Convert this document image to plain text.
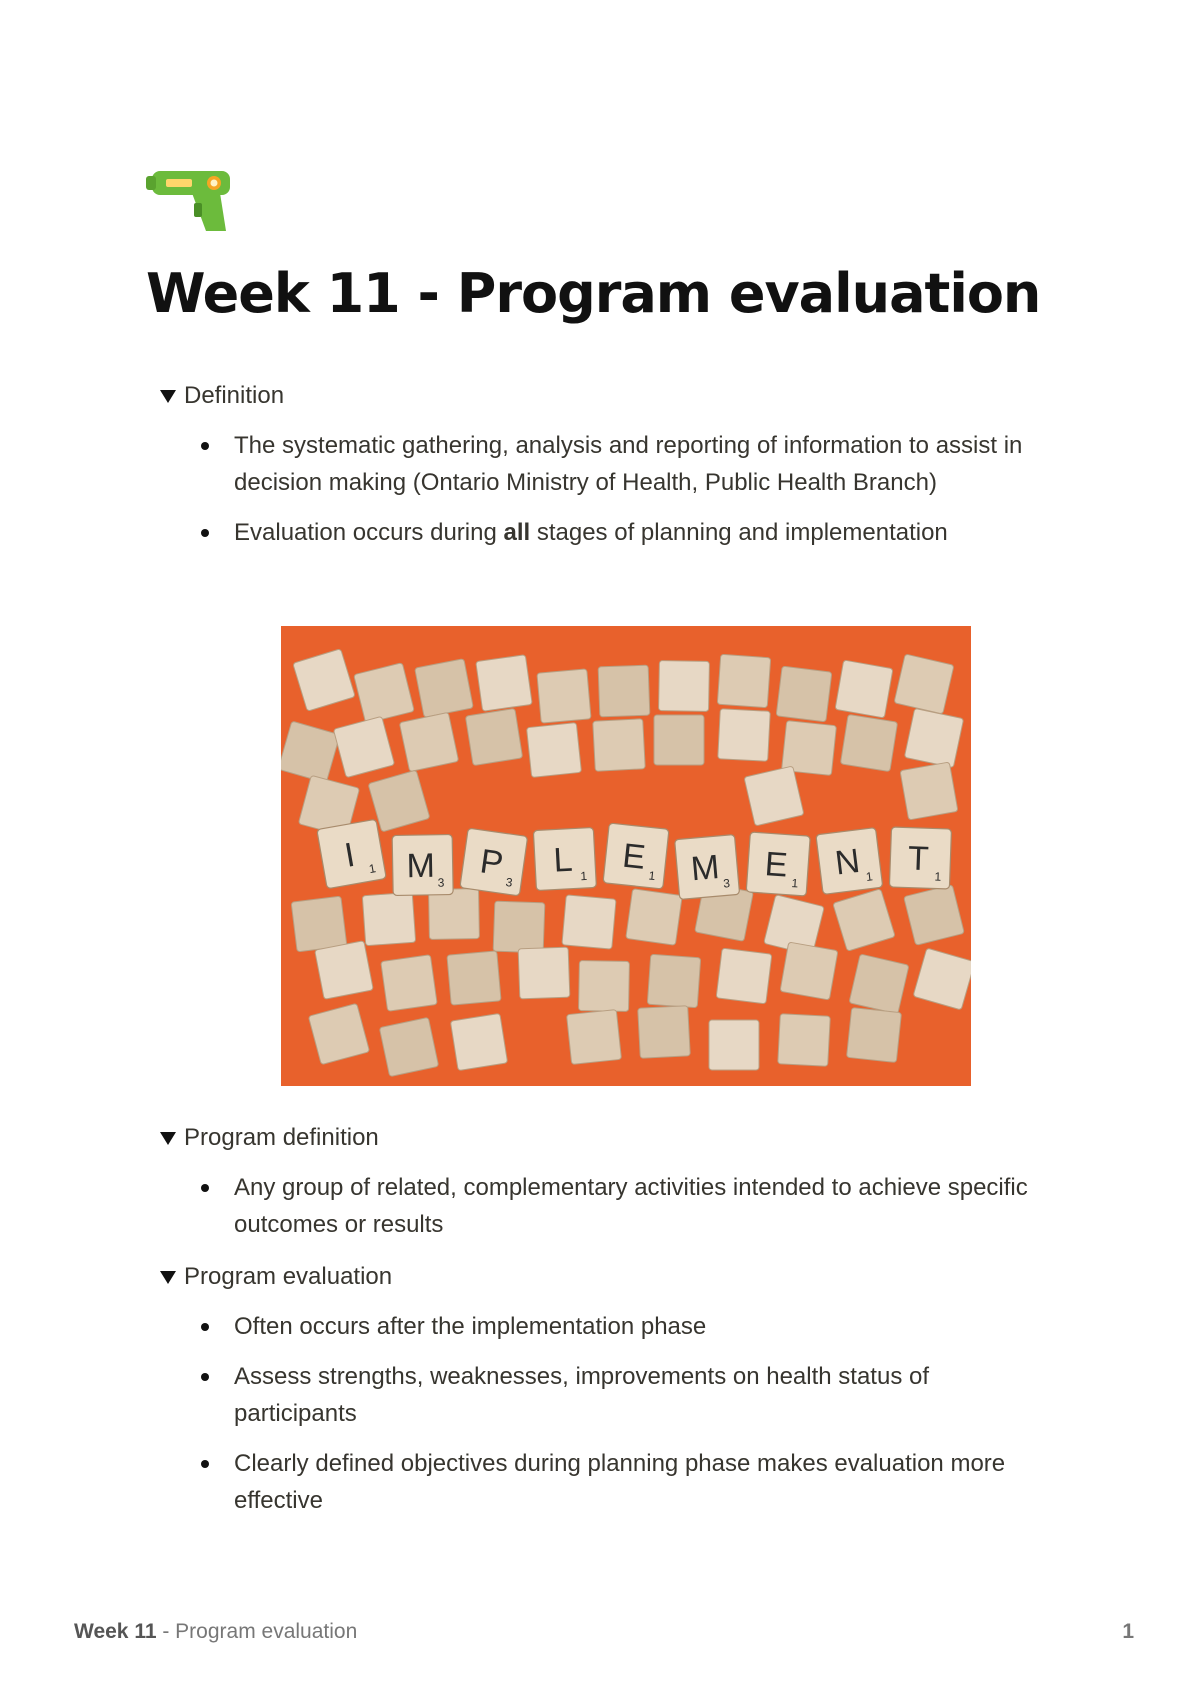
Week 11 - Program evaluation
Definition
The systematic gathering, analysis and reporting of information to assist in decision making (Ontario Ministry of Health, Public Health Branch)
Evaluation occurs during all stages of planning and implementation
I 1 M 3 P 3
L 1 E 1 M 3 E 1
N 1 T 1
Program definition
Any group of related, complementary activities intended to achieve specific outcomes or results
Program evaluation
Often occurs after the implementation phase
Assess strengths, weaknesses, improvements on health status of participants
Clearly defined objectives during planning phase makes evaluation more effective
Week 11 - Program evaluation	1
